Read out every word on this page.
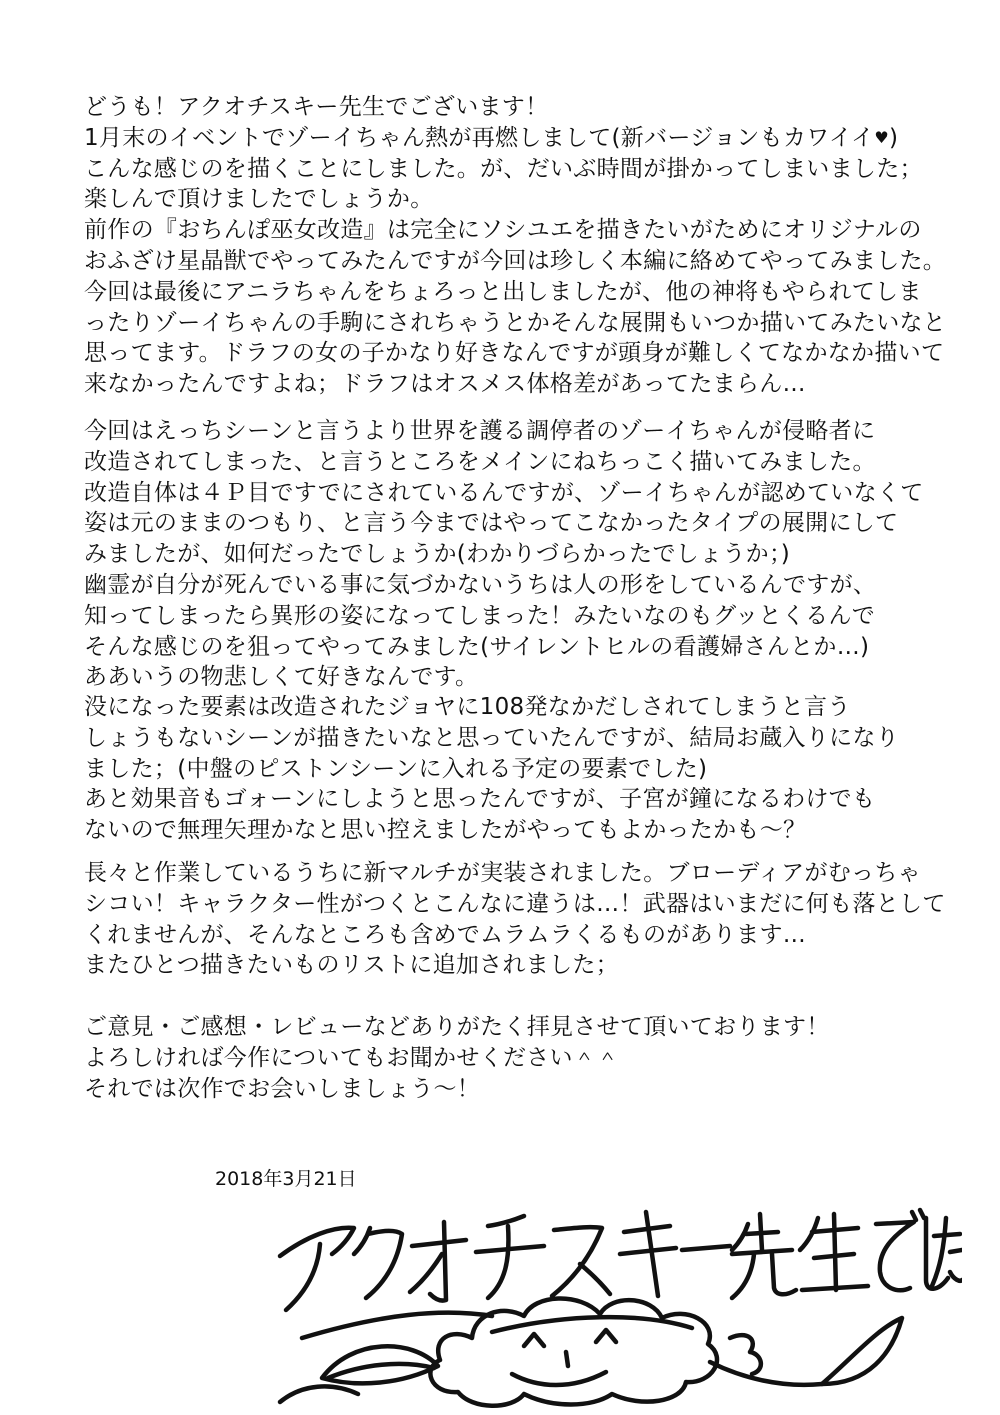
どうも！アクオチスキー先生でございます！
1月末のイベントでゾーイちゃん熱が再燃しまして(新バージョンもカワイイ♥)
こんな感じのを描くことにしました。が、だいぶ時間が掛かってしまいました；
楽しんで頂けましたでしょうか。
前作の『おちんぽ巫女改造』は完全にソシユエを描きたいがためにオリジナルの
おふざけ星晶獣でやってみたんですが今回は珍しく本編に絡めてやってみました。
今回は最後にアニラちゃんをちょろっと出しましたが、他の神将もやられてしま
ったりゾーイちゃんの手駒にされちゃうとかそんな展開もいつか描いてみたいなと
思ってます。ドラフの女の子かなり好きなんですが頭身が難しくてなかなか描いて
来なかったんですよね；ドラフはオスメス体格差があってたまらん…
今回はえっちシーンと言うより世界を護る調停者のゾーイちゃんが侵略者に
改造されてしまった、と言うところをメインにねちっこく描いてみました。
改造自体は４Ｐ目ですでにされているんですが、ゾーイちゃんが認めていなくて
姿は元のままのつもり、と言う今まではやってこなかったタイプの展開にして
みましたが、如何だったでしょうか(わかりづらかったでしょうか；)
幽霊が自分が死んでいる事に気づかないうちは人の形をしているんですが、
知ってしまったら異形の姿になってしまった！みたいなのもグッとくるんで
そんな感じのを狙ってやってみました(サイレントヒルの看護婦さんとか…)
ああいうの物悲しくて好きなんです。
没になった要素は改造されたジョヤに108発なかだしされてしまうと言う
しょうもないシーンが描きたいなと思っていたんですが、結局お蔵入りになり
ました；(中盤のピストンシーンに入れる予定の要素でした)
あと効果音もゴォーンにしようと思ったんですが、子宮が鐘になるわけでも
ないので無理矢理かなと思い控えましたがやってもよかったかも～？
長々と作業しているうちに新マルチが実装されました。ブローディアがむっちゃ
シコい！キャラクター性がつくとこんなに違うは…！武器はいまだに何も落として
くれませんが、そんなところも含めでムラムラくるものがあります…
またひとつ描きたいものリストに追加されました；
ご意見・ご感想・レビューなどありがたく拝見させて頂いております！
よろしければ今作についてもお聞かせください＾＾
それでは次作でお会いしましょう～！
2018年3月21日
